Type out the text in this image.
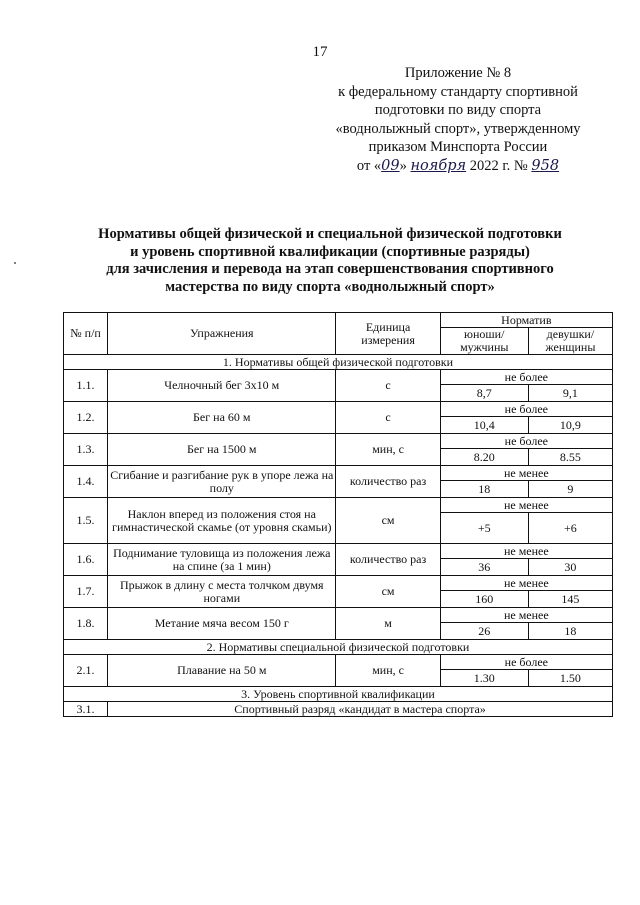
17
Приложение № 8
к федеральному стандарту спортивной
подготовки по виду спорта
«воднолыжный спорт», утвержденному
приказом Минспорта России
от «09» ноября 2022 г. № 958
Нормативы общей физической и специальной физической подготовки
и уровень спортивной квалификации (спортивные разряды)
для зачисления и перевода на этап совершенствования спортивного
мастерства по виду спорта «воднолыжный спорт»
№ п/п	Упражнения	Единица измерения	Норматив	
			юноши/ мужчины	девушки/ женщины
1. Нормативы общей физической подготовки				
1.1.	Челночный бег 3х10 м	с	не более	
			8,7	9,1
1.2.	Бег на 60 м	с	не более	
			10,4	10,9
1.3.	Бег на 1500 м	мин, с	не более	
			8.20	8.55
1.4.	Сгибание и разгибание рук в упоре лежа на полу	количество раз	не менее	
			18	9
1.5.	Наклон вперед из положения стоя на гимнастической скамье (от уровня скамьи)	см	не менее	
			+5	+6
1.6.	Поднимание туловища из положения лежа на спине (за 1 мин)	количество раз	не менее	
			36	30
1.7.	Прыжок в длину с места толчком двумя ногами	см	не менее	
			160	145
1.8.	Метание мяча весом 150 г	м	не менее	
			26	18
2. Нормативы специальной физической подготовки				
2.1.	Плавание на 50 м	мин, с	не более	
			1.30	1.50
3. Уровень спортивной квалификации				
3.1.	Спортивный разряд «кандидат в мастера спорта»			
